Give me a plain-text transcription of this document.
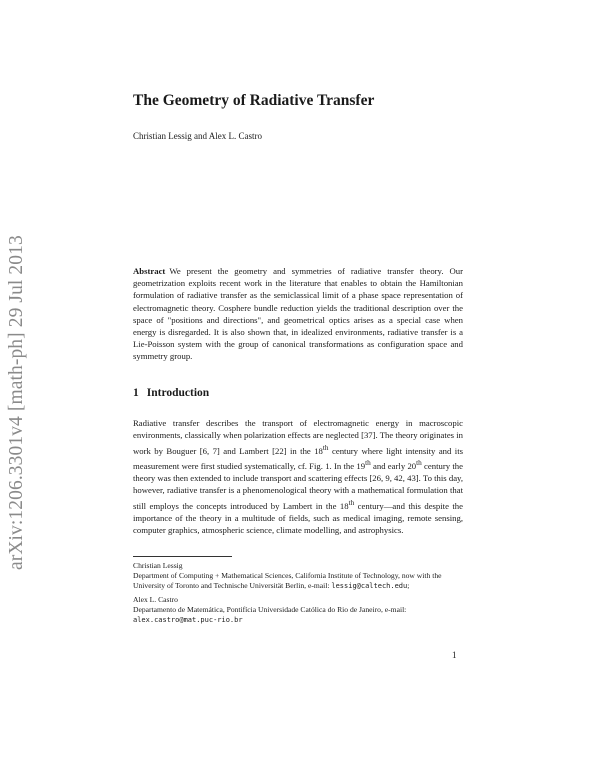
arXiv:1206.3301v4 [math-ph] 29 Jul 2013
The Geometry of Radiative Transfer
Christian Lessig and Alex L. Castro

Abstract We present the geometry and symmetries of radiative transfer theory. Our geometrization exploits recent work in the literature that enables to obtain the Hamiltonian formulation of radiative transfer as the semiclassical limit of a phase space representation of electromagnetic theory. Cosphere bundle reduction yields the traditional description over the space of "positions and directions", and geometrical optics arises as a special case when energy is disregarded. It is also shown that, in idealized environments, radiative transfer is a Lie-Poisson system with the group of canonical transformations as configuration space and symmetry group.

1 Introduction

Radiative transfer describes the transport of electromagnetic energy in macroscopic environments, classically when polarization effects are neglected [37]. The theory originates in work by Bouguer [6, 7] and Lambert [22] in the 18th century where light intensity and its measurement were first studied systematically, cf. Fig. 1. In the 19th and early 20th century the theory was then extended to include transport and scattering effects [26, 9, 42, 43]. To this day, however, radiative transfer is a phenomenological theory with a mathematical formulation that still employs the concepts introduced by Lambert in the 18th century—and this despite the importance of the theory in a multitude of fields, such as medical imaging, remote sensing, computer graphics, atmospheric science, climate modelling, and astrophysics.

Christian Lessig
Department of Computing + Mathematical Sciences, California Institute of Technology, now with the University of Toronto and Technische Universität Berlin, e-mail: lessig@caltech.edu;
Alex L. Castro
Departamento de Matemática, Pontifícia Universidade Católica do Rio de Janeiro, e-mail: alex.castro@mat.puc-rio.br
1
